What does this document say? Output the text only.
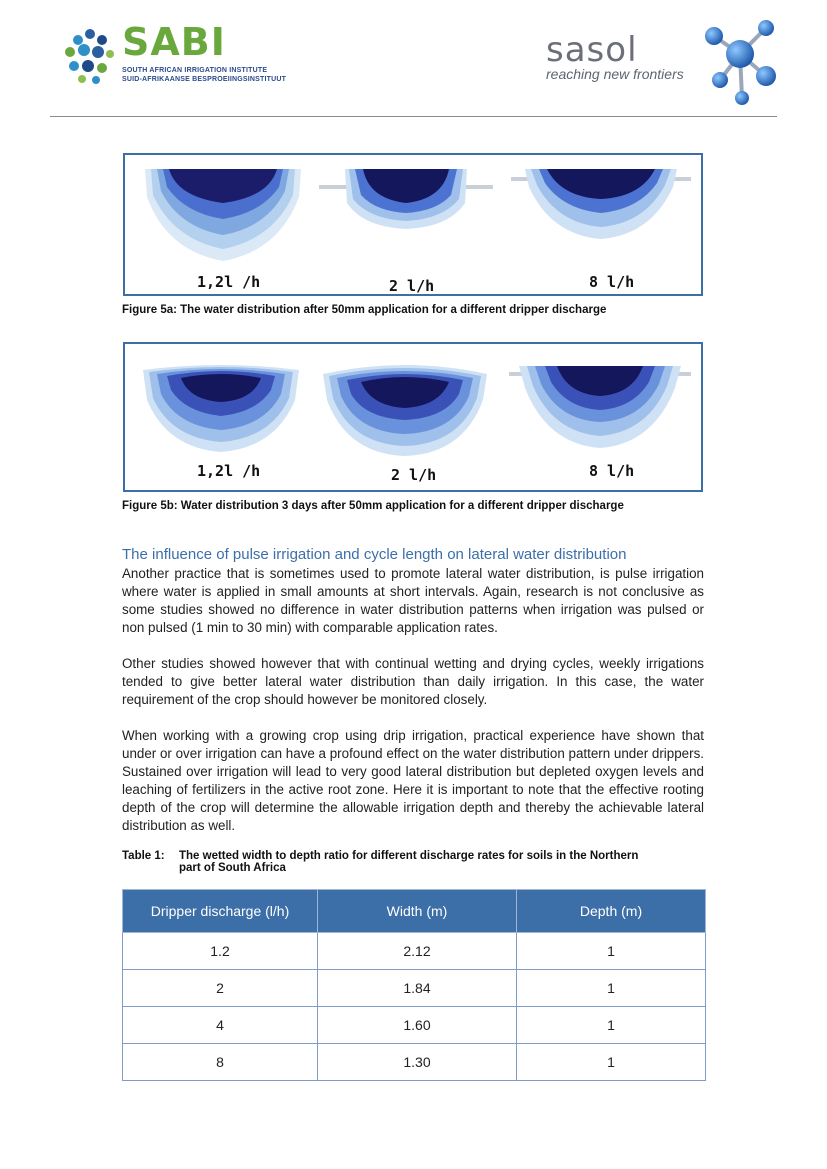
SABI
SOUTH AFRICAN IRRIGATION INSTITUTE
SUID-AFRIKAANSE BESPROEIINGSINSTITUUT
sasol
reaching new frontiers
1,2l /h	2 l/h	8 l/h
Figure 5a: The water distribution after 50mm application for a different dripper discharge
1,2l /h	2 l/h	8 l/h
Figure 5b: Water distribution 3 days after 50mm application for a different dripper discharge
The influence of pulse irrigation and cycle length on lateral water distribution
Another practice that is sometimes used to promote lateral water distribution, is pulse irrigation where water is applied in small amounts at short intervals. Again, research is not conclusive as some studies showed no difference in water distribution patterns when irrigation was pulsed or non pulsed (1 min to 30 min) with comparable application rates.
Other studies showed however that with continual wetting and drying cycles, weekly irrigations tended to give better lateral water distribution than daily irrigation. In this case, the water requirement of the crop should however be monitored closely.
When working with a growing crop using drip irrigation, practical experience have shown that under or over irrigation can have a profound effect on the water distribution pattern under drippers. Sustained over irrigation will lead to very good lateral distribution but depleted oxygen levels and leaching of fertilizers in the active root zone. Here it is important to note that the effective rooting depth of the crop will determine the allowable irrigation depth and thereby the achievable lateral distribution as well.
Table 1: The wetted width to depth ratio for different discharge rates for soils in the Northern
part of South Africa
Dripper discharge (l/h)	Width (m)	Depth (m)
1.2	2.12	1
2	1.84	1
4	1.60	1
8	1.30	1
